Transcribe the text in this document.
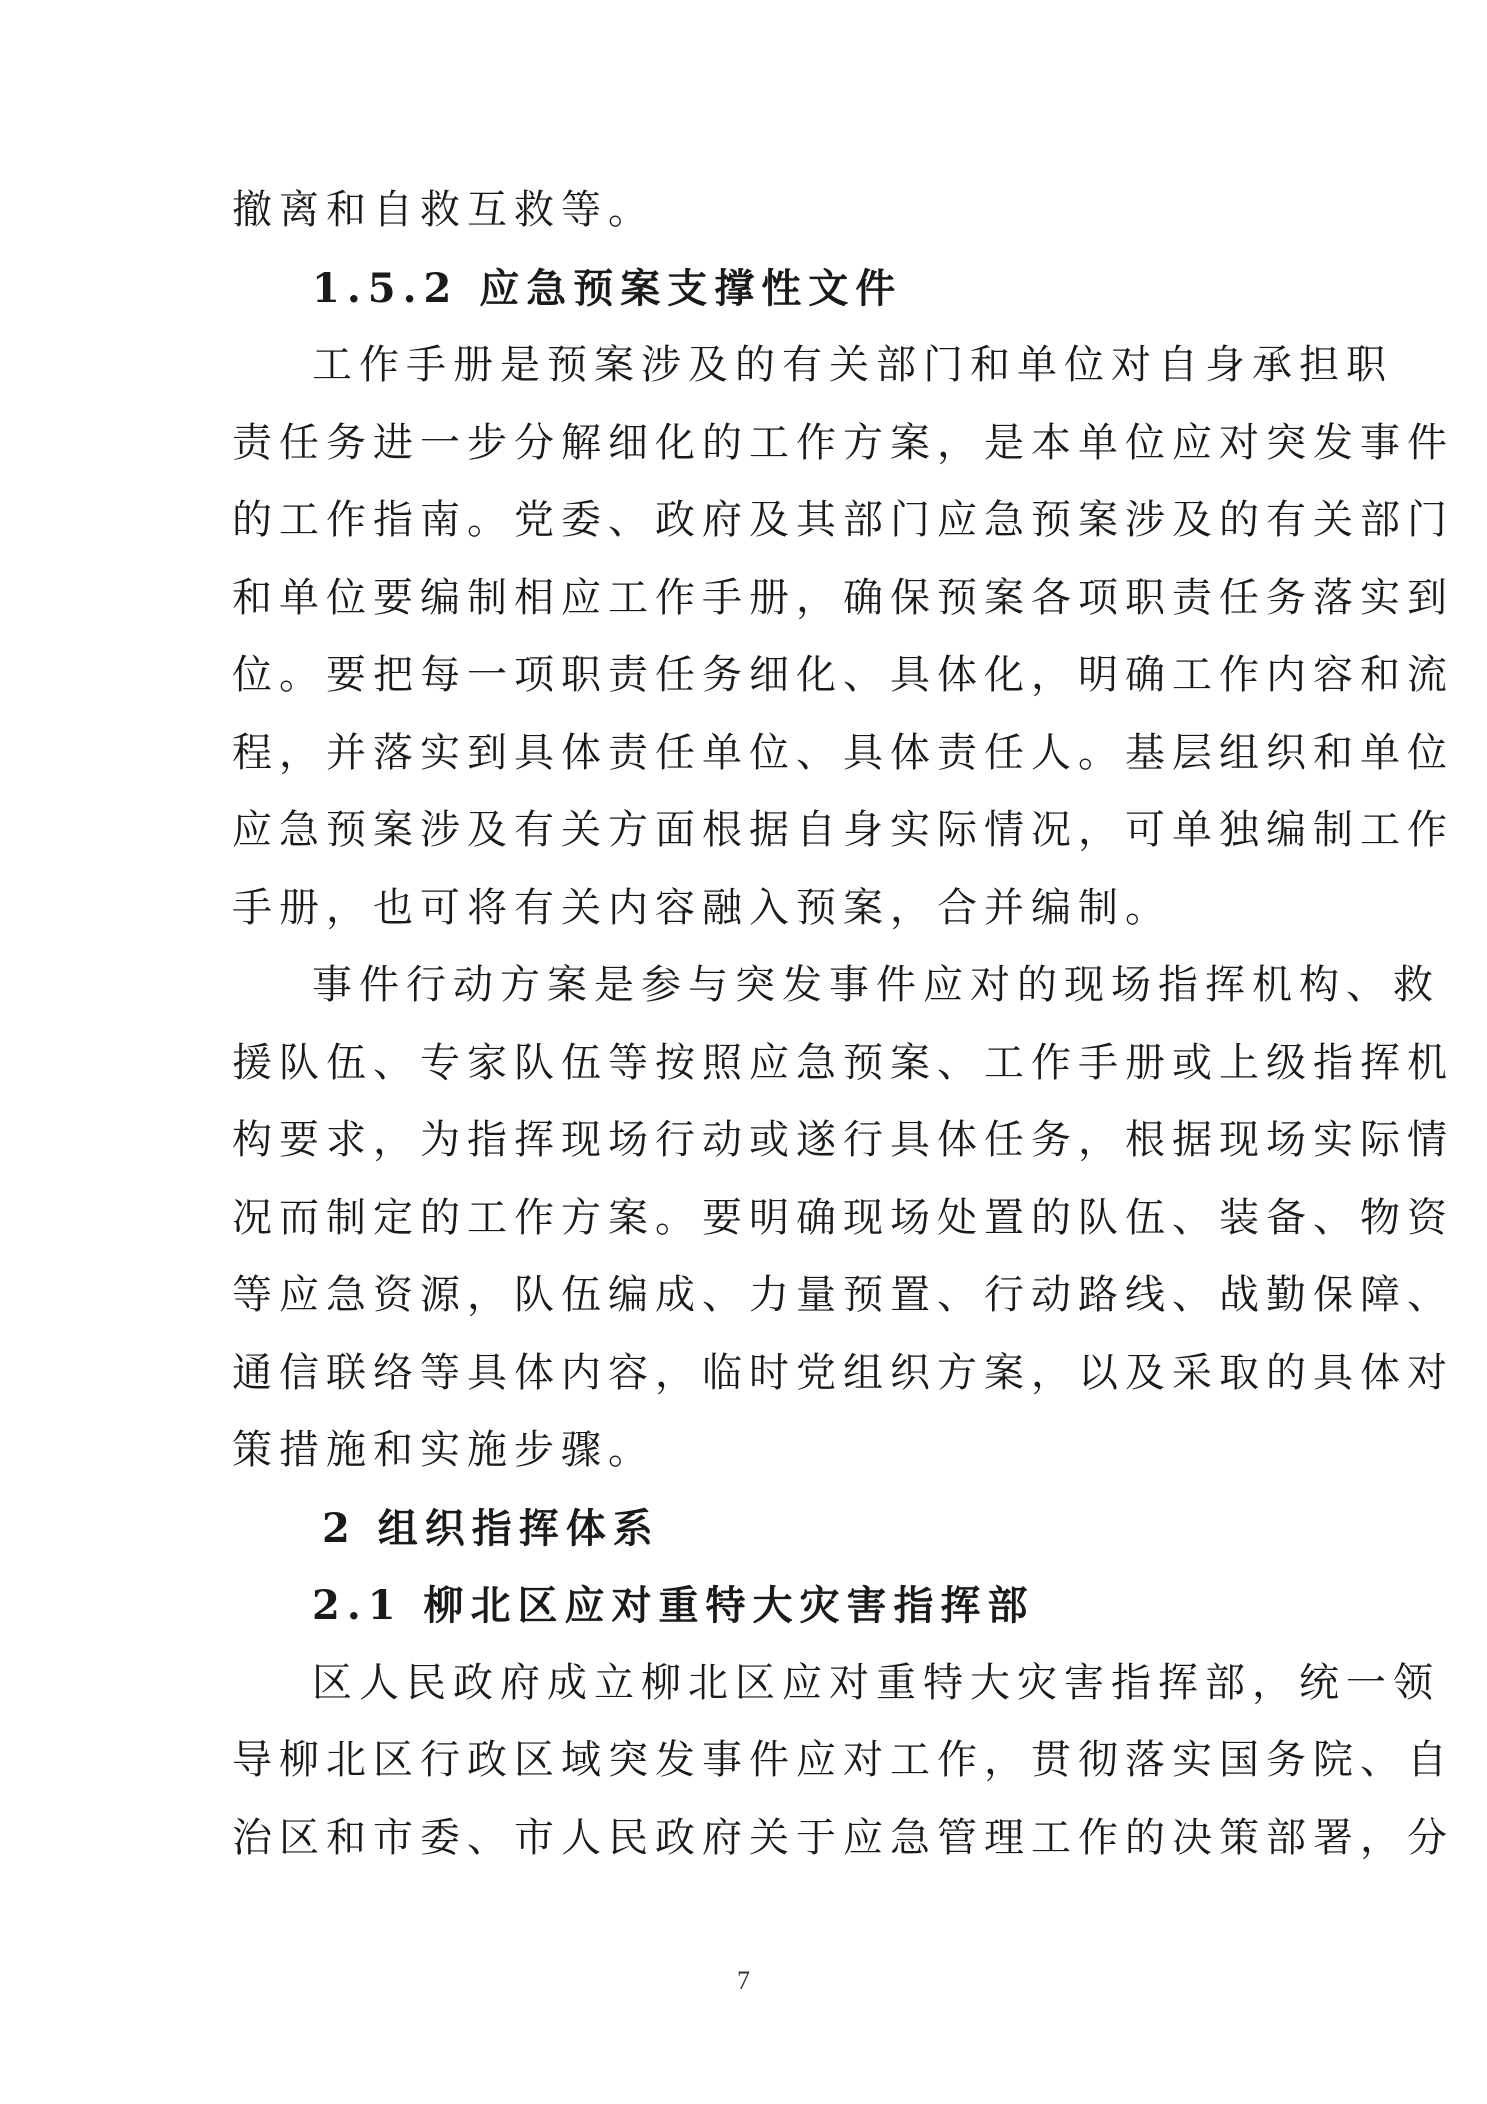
撤离和自救互救等。
1.5.2 应急预案支撑性文件
工作手册是预案涉及的有关部门和单位对自身承担职
责任务进一步分解细化的工作方案，是本单位应对突发事件
的工作指南。党委、政府及其部门应急预案涉及的有关部门
和单位要编制相应工作手册，确保预案各项职责任务落实到
位。要把每一项职责任务细化、具体化，明确工作内容和流
程，并落实到具体责任单位、具体责任人。基层组织和单位
应急预案涉及有关方面根据自身实际情况，可单独编制工作
手册，也可将有关内容融入预案，合并编制。
事件行动方案是参与突发事件应对的现场指挥机构、救
援队伍、专家队伍等按照应急预案、工作手册或上级指挥机
构要求，为指挥现场行动或遂行具体任务，根据现场实际情
况而制定的工作方案。要明确现场处置的队伍、装备、物资
等应急资源，队伍编成、力量预置、行动路线、战勤保障、
通信联络等具体内容，临时党组织方案，以及采取的具体对
策措施和实施步骤。
2 组织指挥体系
2.1 柳北区应对重特大灾害指挥部
区人民政府成立柳北区应对重特大灾害指挥部，统一领
导柳北区行政区域突发事件应对工作，贯彻落实国务院、自
治区和市委、市人民政府关于应急管理工作的决策部署，分
7
